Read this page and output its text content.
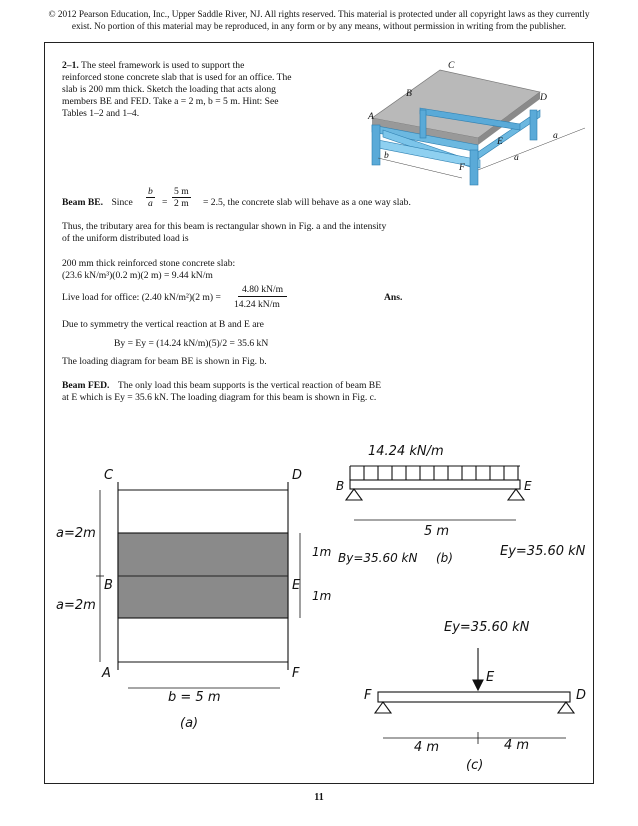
© 2012 Pearson Education, Inc., Upper Saddle River, NJ. All rights reserved. This material is protected under all copyright laws as they currently
exist. No portion of this material may be reproduced, in any form or by any means, without permission in writing from the publisher.
2–1. The steel framework is used to support the
reinforced stone concrete slab that is used for an office. The
slab is 200 mm thick. Sketch the loading that acts along
members BE and FED. Take a = 2 m, b = 5 m. Hint: See
Tables 1–2 and 1–4.
C
B	D
A
E
F
a
a
b
Beam BE. Since $\frac{b}{a} = \frac{5 m}{2 m} = 2.5$, the concrete slab will behave as a one way slab.
Thus, the tributary area for this beam is rectangular shown in Fig. a and the intensity
of the uniform distributed load is
200 mm thick reinforced stone concrete slab:
(23.6 kN/m³)(0.2 m)(2 m) = 9.44 kN/m
Live load for office: (2.40 kN/m²)(2 m) =
4.80 kN/m
14.24 kN/m
Ans.
Due to symmetry the vertical reaction at B and E are
By = Ey = (14.24 kN/m)(5)/2 = 35.6 kN
The loading diagram for beam BE is shown in Fig. b.
Beam FED. The only load this beam supports is the vertical reaction of beam BE
at E which is Ey = 35.6 kN. The loading diagram for this beam is shown in Fig. c.
C	D
B	E
A	F
a=2m
a=2m
1m
1m
b = 5 m
(a)
14.24 kN/m
B	E
5 m
By=35.60 kN (b)	Ey=35.60 kN
Ey=35.60 kN
E
F	D
4 m	4 m
(c)
11
